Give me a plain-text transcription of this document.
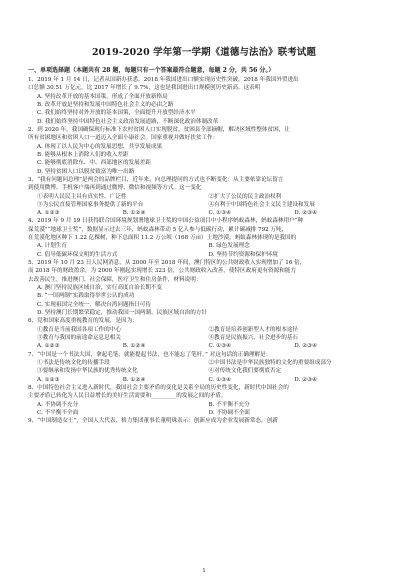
2019-2020 学年第一学期《道德与法治》联考试题
一、单项选择题（本题共有 28 题，每题只有一个答案最符合题意，每题 2 分，共 56 分。）
1、2019 年 1 月 14 日，记者从国新办获悉，2018 年我国进出口额实现历史性突破，2018 年我国外贸进出
口总额 30.51 万亿元，比 2017 年增长了 9.7%，这也是我国进出口规模创历史新高。这表明
A. 坚持改革开放的基本国策，形成了全面开放新格局
B. 改革开放是坚持和发展中国特色社会主义的必由之路
C. 我们始终坚持对外开放的基本国策，全面提升开放型经济水平
D. 我们始终坚持中国特色社会主义政治发展道路，不断深化政治体制改革
2、到 2020 年，我国确保现行标准下农村贫困人口实现脱贫，贫困县全部摘帽，解决区域性整体贫困，让
所有贫困地区和贫困人口一道迈入全面小康社会。国家重视并做好扶贫工作：
A. 体现了以人民为中心的发展思想，共享发展成果
B. 能够从根本上消除人们的收入差距
C. 能够彻底消除东、中、西部地区的发展差距
D. 坚持贫困人口以脱贫致富为唯一出路
3、“我有问题问总理”是两会的品牌栏目，近年来，向总理提问的方式也不断变化：从主要依靠论坛留言
到使用微博、手机客户端再到通过微博、微信和视频等方式。这一变化
①表明人民民主具有真实性、广泛性	②扩大了公民的民主政治权利
③为公民直接管理国家事务提供了新的平台	④有利于中国特色社会主义民主建设和发展
A. ①②③	B. ①②④	C. ①③④	D. ②③④
4、2019 年 9 月 19 日获得联合国环境规划署地球卫士奖的中国公益项目中小程序蚂蚁森林，蚂蚁森林用户“种
保荒漠”“地球卫士奖”，数据显示过去三年，蚂蚁森林带动 5 亿人参与低碳行动，累计碳减排 792 万吨，
在荒漠化地区种下 1.22 亿棵树，种下总面积 11.2 万公顷（168 万亩）土地沙漠。蚂蚁森林体现的是我国的
A. 计划生育	B. 绿色发展理念
C. 倡导低碳环保文明的生活方式	D. 坚持节约资源和保护环境
5、2019 年 10 月 23 日人民网消息，从 2000 年至 2018 年间，澳门特区的公共财政收入实现增加了 16 倍，
而 2018 年的财政盈余，为 2000 年刚起实现增长 323 倍，公共财政收入改善，使特区政府更有资源和能力
去改善民生，推进澳门，社会保障，医疗卫生和住房条件，材料说明：
A. 澳门坚持民族区域自治，实行高度自治长期不变
B. “一国两制”实践取得举世公认的成功
C. 实现祖国完全统一，解决台湾问题指日可待
D. 坚持澳门长期繁荣稳定，推动我国一国两制、民族区域自治的方针
6、党和国家高度重视教育的发展，是因为：
①教育是当前我国各项工作的中心	②教育是培养创新型人才的根本途径
③教育与我国的前途命运息息相关	④教育是民族振兴、社会进步的基石
A. ①②③	B. ①②④	C. ①③④	D. ②③④
7、“中国是一个书法大国，拿起毛笔，就能提起书法，也不能忘了笔杆。” 对这句话的正确理解是：
①书法是传统文化的传播手段	②中国书法是中华民族独特的文化的重要组成部分
③要继承和发扬中华民族的优秀传统文化	④对传统文化我们要彻底否定
A. ①②③	B. ①②④	C. ①③④	D. ②③④
8、中国特色社会主义进入新时代，我国社会主要矛盾的变化是关系全局的历史性变化，新时代中国社会的
主要矛盾已转化为人民日益增长的美好生活需要和_________的发展之间的矛盾。
A. 不协调不充分	B. 不平衡不充分
C. 不平衡不全面	D. 不协调不全面
9、“中国制造女王”，全国人大代表、格力集团董事长董明珠表示：创新应成为企业发展新常态，创新
1
